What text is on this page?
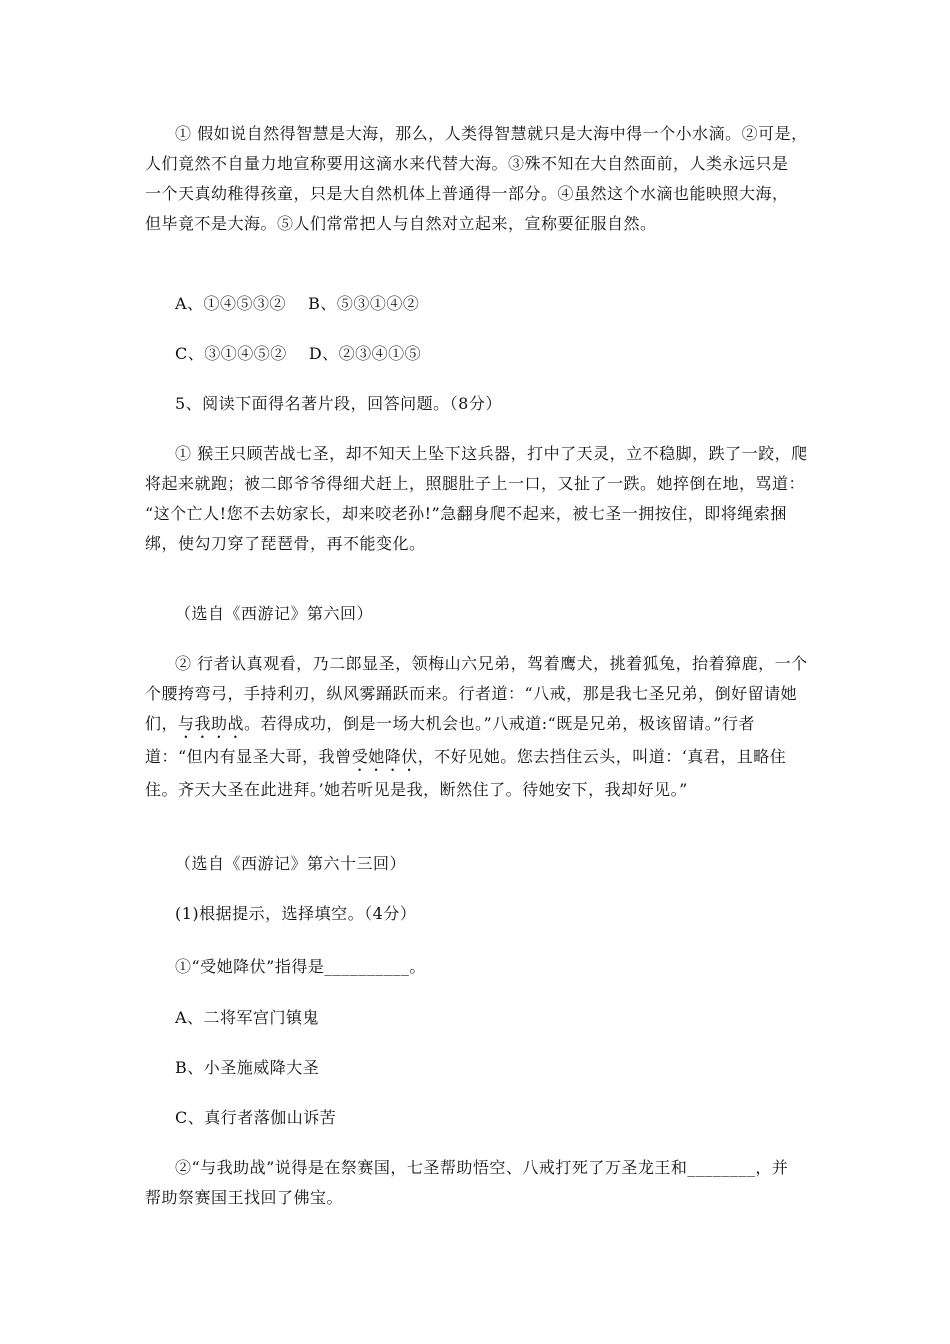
① 假如说自然得智慧是大海，那么，人类得智慧就只是大海中得一个小水滴。②可是，
人们竟然不自量力地宣称要用这滴水来代替大海。③殊不知在大自然面前，人类永远只是
一个天真幼稚得孩童，只是大自然机体上普通得一部分。④虽然这个水滴也能映照大海，
但毕竟不是大海。⑤人们常常把人与自然对立起来，宣称要征服自然。

A、①④⑤③②　 B、⑤③①④②

C、③①④⑤②　 D、②③④①⑤

5、阅读下面得名著片段，回答问题。（8分）

① 猴王只顾苦战七圣，却不知天上坠下这兵器，打中了天灵，立不稳脚，跌了一跤，爬
将起来就跑；被二郎爷爷得细犬赶上，照腿肚子上一口，又扯了一跌。她捽倒在地，骂道：
“这个亡人!您不去妨家长，却来咬老孙!”急翻身爬不起来，被七圣一拥按住，即将绳索捆
绑，使勾刀穿了琵琶骨，再不能变化。

（选自《西游记》第六回）

② 行者认真观看，乃二郎显圣，领梅山六兄弟，驾着鹰犬，挑着狐兔，抬着獐鹿，一个
个腰挎弯弓，手持利刃，纵风雾踊跃而来。行者道：“八戒，那是我七圣兄弟，倒好留请她
们，与我助战。若得成功，倒是一场大机会也。”八戒道:“既是兄弟，极该留请。”行者
道：“但内有显圣大哥，我曾受她降伏，不好见她。您去挡住云头，叫道：‘真君，且略住
住。齐天大圣在此进拜。’她若听见是我，断然住了。待她安下，我却好见。”

（选自《西游记》第六十三回）

(1)根据提示，选择填空。（4分）

①“受她降伏”指得是__________。

A、二将军宫门镇鬼

B、小圣施威降大圣

C、真行者落伽山诉苦

②“与我助战”说得是在祭赛国，七圣帮助悟空、八戒打死了万圣龙王和________，并
帮助祭赛国王找回了佛宝。
